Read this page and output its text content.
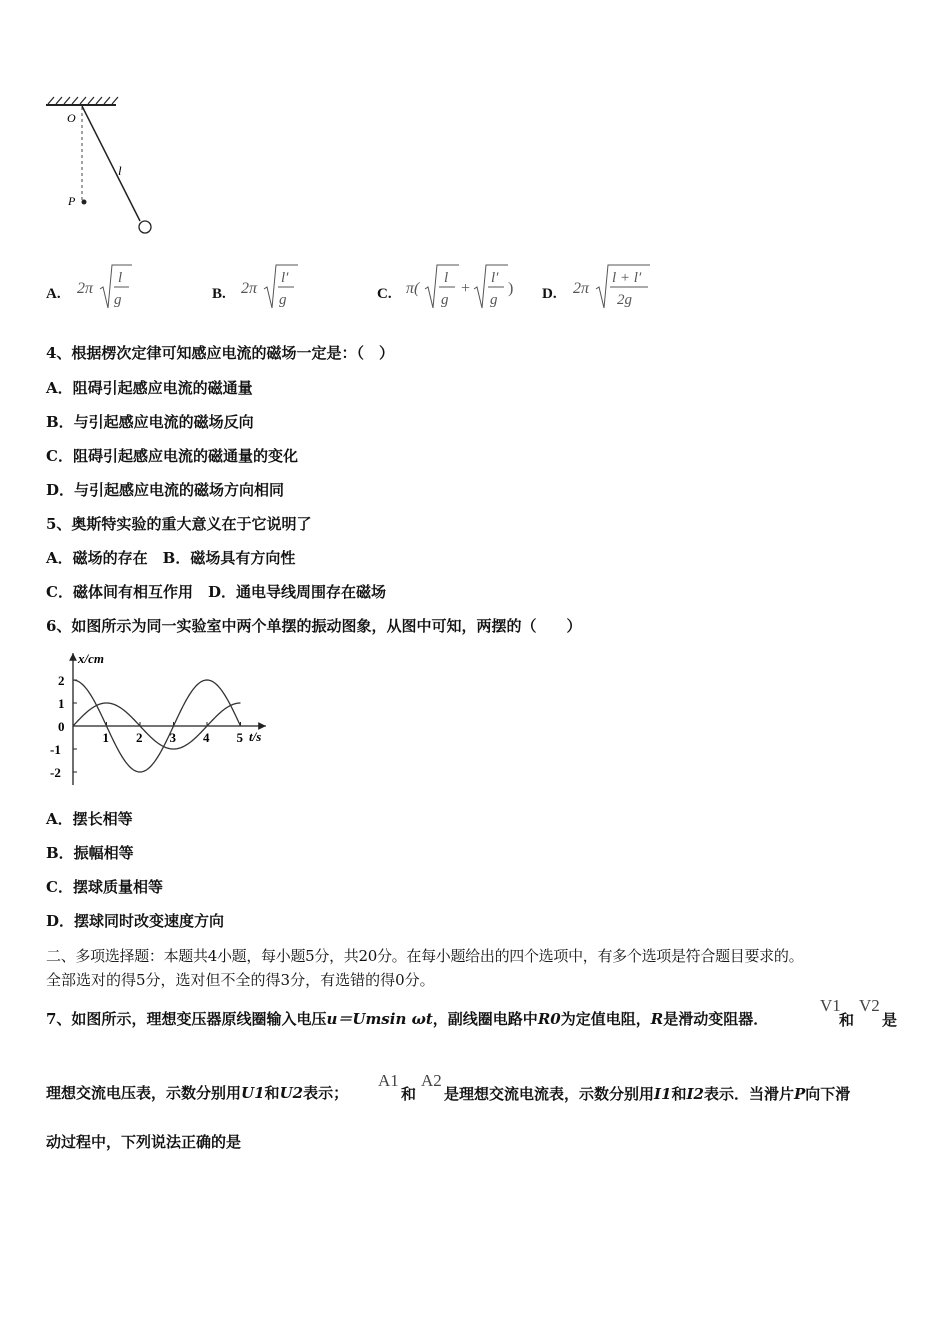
O
P
l
A. 2π
l
g	B. 2π
l′
g	C. π(
l
g
+
l′
g
) D. 2π
l + l′
2g
4、根据楞次定律可知感应电流的磁场一定是：（　）
A．阻碍引起感应电流的磁通量
B．与引起感应电流的磁场反向
C．阻碍引起感应电流的磁通量的变化
D．与引起感应电流的磁场方向相同
5、奥斯特实验的重大意义在于它说明了
A．磁场的存在　B．磁场具有方向性
C．磁体间有相互作用　D．通电导线周围存在磁场
6、如图所示为同一实验室中两个单摆的振动图象，从图中可知，两摆的（　　）
x/cm
t/s
2
1
0
-1
-2
1 2 3 4 5
A．摆长相等
B．振幅相等
C．摆球质量相等
D．摆球同时改变速度方向
二、多项选择题：本题共4小题，每小题5分，共20分。在每小题给出的四个选项中，有多个选项是符合题目要求的。
全部选对的得5分，选对但不全的得3分，有选错的得0分。
7、如图所示，理想变压器原线圈输入电压u＝Umsin ωt，副线圈电路中R0为定值电阻，R是滑动变阻器．
V1
和
V2
是
理想交流电压表，示数分别用U1和U2表示；
A1
和
A2
是理想交流电流表，示数分别用I1和I2表示．当滑片P向下滑
动过程中，下列说法正确的是
